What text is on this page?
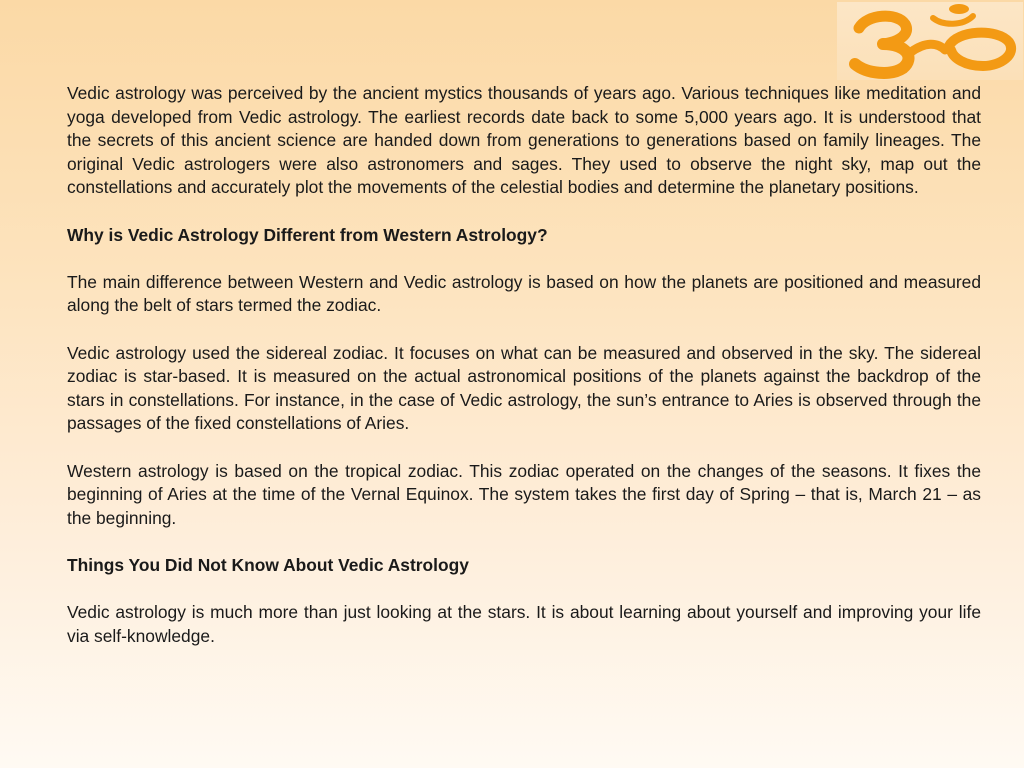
Vedic astrology was perceived by the ancient mystics thousands of years ago. Various techniques like meditation and yoga developed from Vedic astrology. The earliest records date back to some 5,000 years ago. It is understood that the secrets of this ancient science are handed down from generations to generations based on family lineages. The original Vedic astrologers were also astronomers and sages. They used to observe the night sky, map out the constellations and accurately plot the movements of the celestial bodies and determine the planetary positions.

Why is Vedic Astrology Different from Western Astrology?

The main difference between Western and Vedic astrology is based on how the planets are positioned and measured along the belt of stars termed the zodiac.

Vedic astrology used the sidereal zodiac. It focuses on what can be measured and observed in the sky. The sidereal zodiac is star-based. It is measured on the actual astronomical positions of the planets against the backdrop of the stars in constellations. For instance, in the case of Vedic astrology, the sun’s entrance to Aries is observed through the passages of the fixed constellations of Aries.

Western astrology is based on the tropical zodiac. This zodiac operated on the changes of the seasons. It fixes the beginning of Aries at the time of the Vernal Equinox. The system takes the first day of Spring – that is, March 21 – as the beginning.

Things You Did Not Know About Vedic Astrology

Vedic astrology is much more than just looking at the stars. It is about learning about yourself and improving your life via self-knowledge.
